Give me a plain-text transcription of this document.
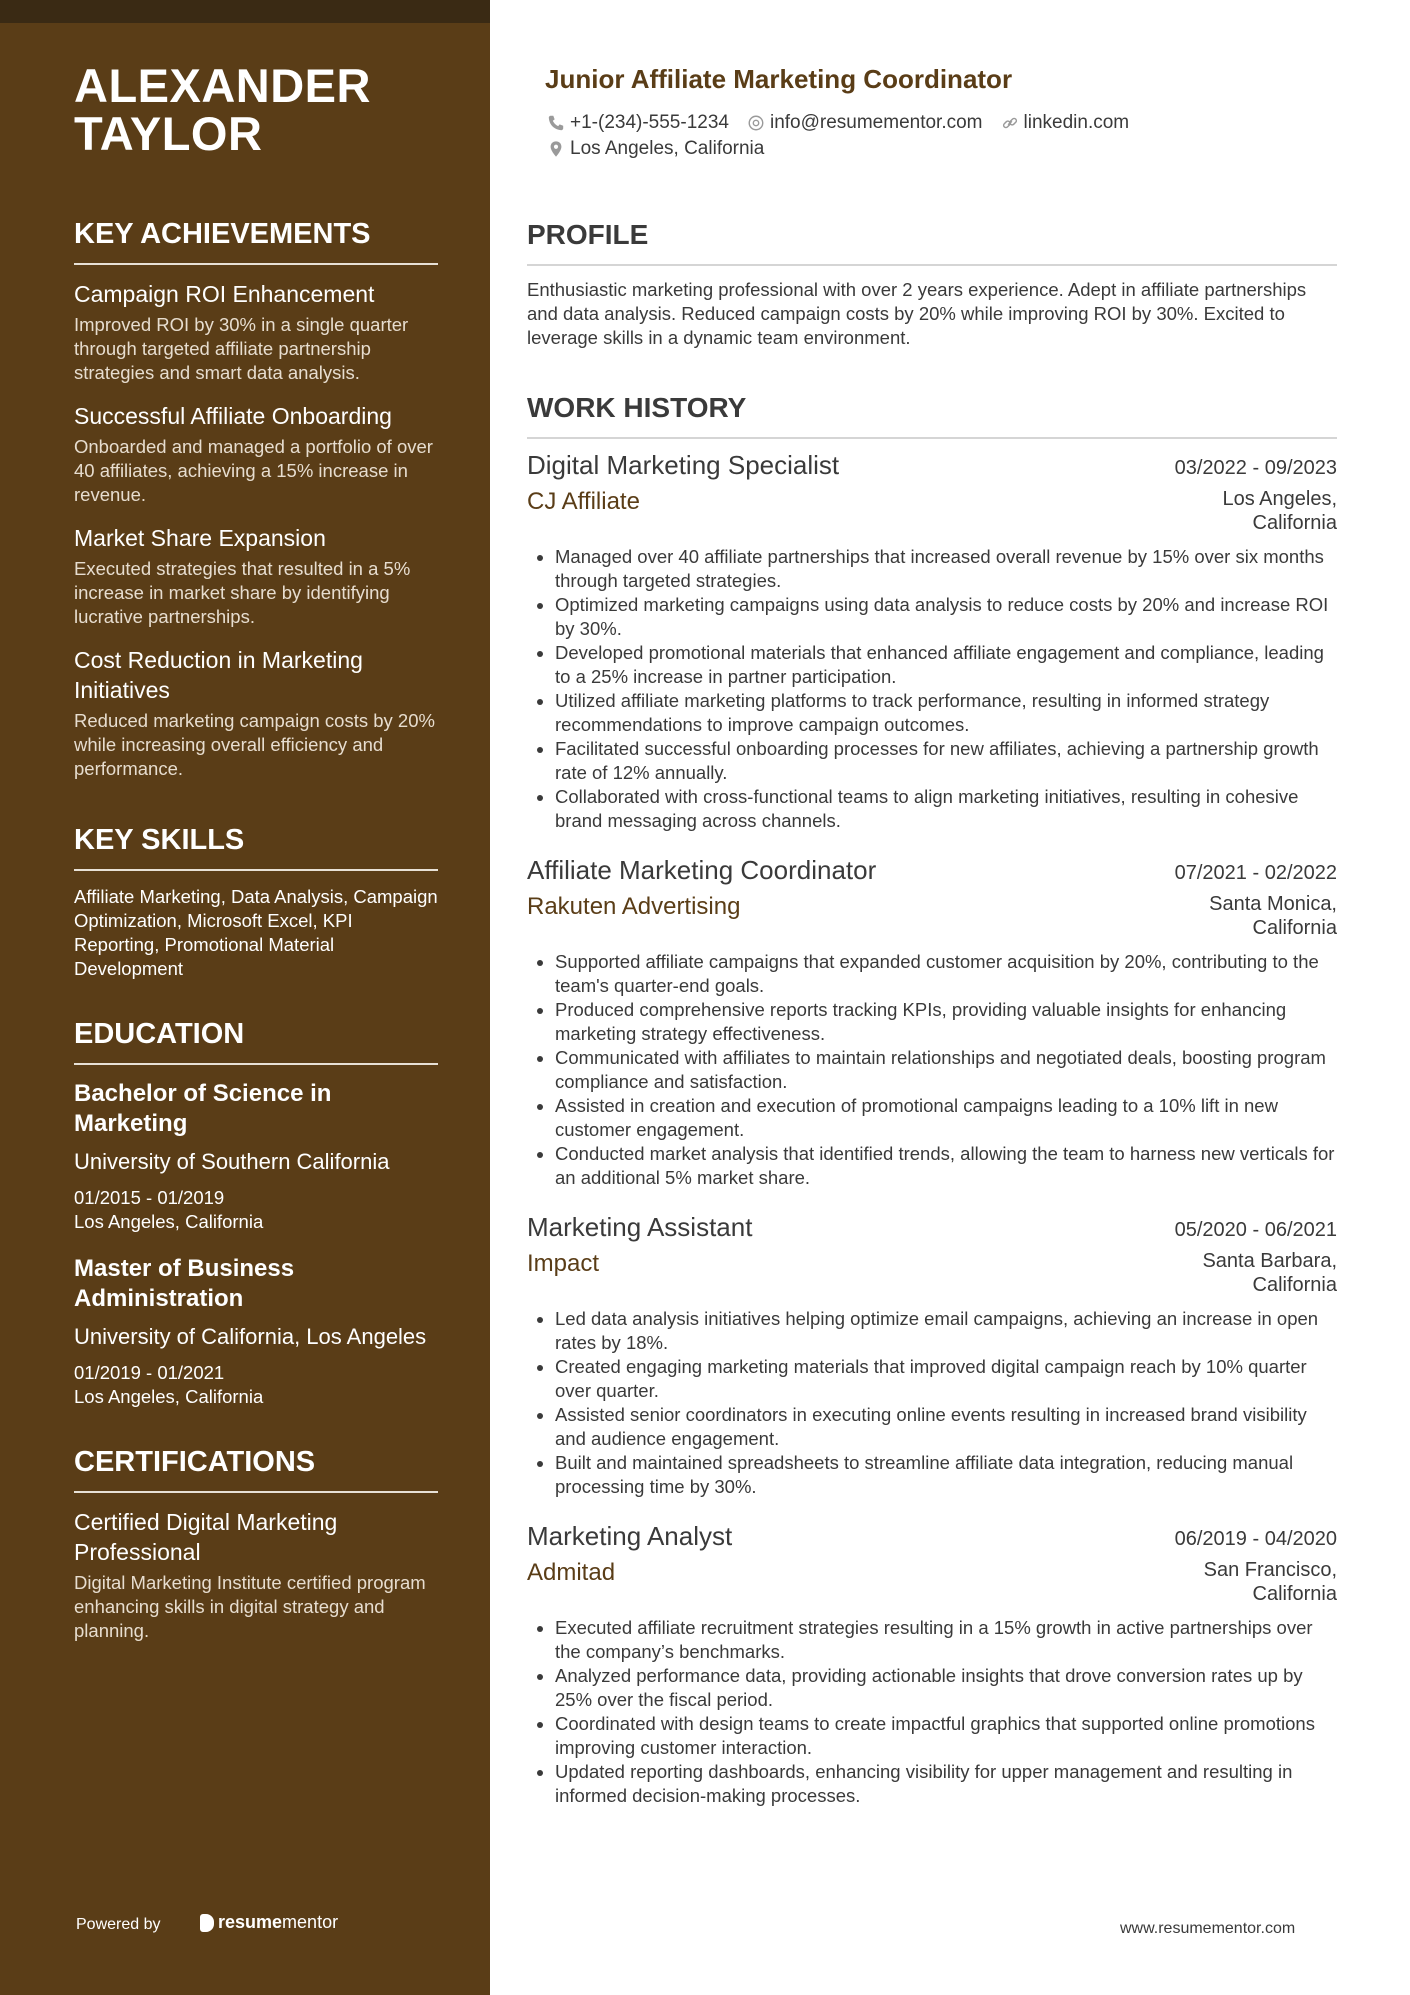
ALEXANDER
TAYLOR
KEY ACHIEVEMENTS

Campaign ROI Enhancement

Improved ROI by 30% in a single quarter through targeted affiliate partnership strategies and smart data analysis.

Successful Affiliate Onboarding

Onboarded and managed a portfolio of over 40 affiliates, achieving a 15% increase in revenue.

Market Share Expansion

Executed strategies that resulted in a 5% increase in market share by identifying lucrative partnerships.

Cost Reduction in Marketing Initiatives

Reduced marketing campaign costs by 20% while increasing overall efficiency and performance.

KEY SKILLS

Affiliate Marketing, Data Analysis, Campaign Optimization, Microsoft Excel, KPI Reporting, Promotional Material Development

EDUCATION

Bachelor of Science in Marketing

University of Southern California

01/2015 - 01/2019

Los Angeles, California

Master of Business Administration

University of California, Los Angeles

01/2019 - 01/2021

Los Angeles, California

CERTIFICATIONS

Certified Digital Marketing Professional

Digital Marketing Institute certified program enhancing skills in digital strategy and planning.

Powered by	resume mentor
Junior Affiliate Marketing Coordinator
+1-(234)-555-1234 info@resumementor.com linkedin.com
Los Angeles, California
PROFILE

Enthusiastic marketing professional with over 2 years experience. Adept in affiliate partnerships and data analysis. Reduced campaign costs by 20% while improving ROI by 30%. Excited to leverage skills in a dynamic team environment.

WORK HISTORY
Digital Marketing Specialist	03/2022 - 09/2023
CJ Affiliate	Los Angeles, California
• Managed over 40 affiliate partnerships that increased overall revenue by 15% over six months through targeted strategies.
• Optimized marketing campaigns using data analysis to reduce costs by 20% and increase ROI by 30%.
• Developed promotional materials that enhanced affiliate engagement and compliance, leading to a 25% increase in partner participation.
• Utilized affiliate marketing platforms to track performance, resulting in informed strategy recommendations to improve campaign outcomes.
• Facilitated successful onboarding processes for new affiliates, achieving a partnership growth rate of 12% annually.
• Collaborated with cross-functional teams to align marketing initiatives, resulting in cohesive brand messaging across channels.
Affiliate Marketing Coordinator	07/2021 - 02/2022
Rakuten Advertising	Santa Monica, California
• Supported affiliate campaigns that expanded customer acquisition by 20%, contributing to the team's quarter-end goals.
• Produced comprehensive reports tracking KPIs, providing valuable insights for enhancing marketing strategy effectiveness.
• Communicated with affiliates to maintain relationships and negotiated deals, boosting program compliance and satisfaction.
• Assisted in creation and execution of promotional campaigns leading to a 10% lift in new customer engagement.
• Conducted market analysis that identified trends, allowing the team to harness new verticals for an additional 5% market share.
Marketing Assistant	05/2020 - 06/2021
Impact	Santa Barbara, California
• Led data analysis initiatives helping optimize email campaigns, achieving an increase in open rates by 18%.
• Created engaging marketing materials that improved digital campaign reach by 10% quarter over quarter.
• Assisted senior coordinators in executing online events resulting in increased brand visibility and audience engagement.
• Built and maintained spreadsheets to streamline affiliate data integration, reducing manual processing time by 30%.
Marketing Analyst	06/2019 - 04/2020
Admitad	San Francisco, California
• Executed affiliate recruitment strategies resulting in a 15% growth in active partnerships over the company’s benchmarks.
• Analyzed performance data, providing actionable insights that drove conversion rates up by 25% over the fiscal period.
• Coordinated with design teams to create impactful graphics that supported online promotions improving customer interaction.
• Updated reporting dashboards, enhancing visibility for upper management and resulting in informed decision-making processes.
www.resumementor.com
